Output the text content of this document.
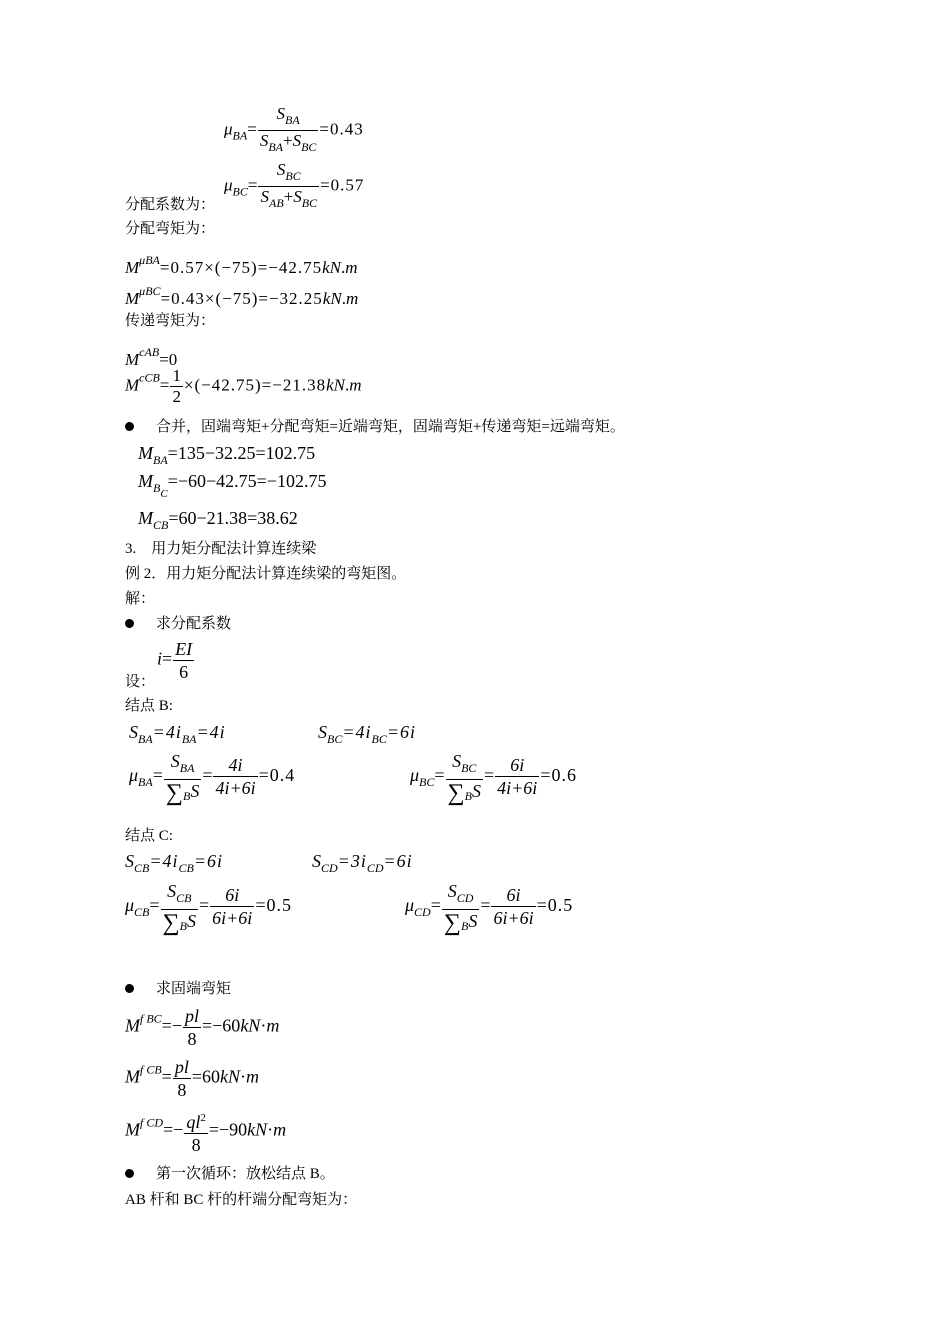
$\mu_{BA}= \frac{S_{BA}}{S_{BA}+S_{BC}} =0.43$
$\mu_{BC}= \frac{S_{BC}}{S_{AB}+S_{BC}} =0.57$
分配系数为：
分配弯矩为：
$M^{\mu BA}=0.57\times(-75)=-42.75kN.m$
$M^{\mu BC}=0.43\times(-75)=-32.25kN.m$
传递弯矩为：
$M^{cAB}=0$
$M^{cCB}= \frac{1}{2} \times(-42.75)=-21.38kN.m$
合并，固端弯矩+分配弯矩=近端弯矩，固端弯矩+传递弯矩=远端弯矩。
$M_{BA}=135-32.25=102.75$
$M_{BC}=-60-42.75=-102.75$
$M_{CB}=60-21.38=38.62$
3.　用力矩分配法计算连续梁
例 2．用力矩分配法计算连续梁的弯矩图。
解：
求分配系数
$i= \frac{EI}{6}$
设：
结点 B:
$S_{BA}=4i_{BA}=4i$	$S_{BC}=4i_{BC}=6i$
$\mu_{BA}= \frac{S_{BA}}{\sum BS} = \frac{4i}{4i+6i} =0.4$	$\mu_{BC}= \frac{S_{BC}}{\sum BS} = \frac{6i}{4i+6i} =0.6$
结点 C:
$S_{CB}=4i_{CB}=6i$	$S_{CD}=3i_{CD}=6i$
$\mu_{CB}= \frac{S_{CB}}{\sum BS} = \frac{6i}{6i+6i} =0.5$	$\mu_{CD}= \frac{S_{CD}}{\sum BS} = \frac{6i}{6i+6i} =0.5$
求固端弯矩
$M^{f BC}=- \frac{pl}{8} =-60kN\cdot m$
$M^{f CB}= \frac{pl}{8} =60kN\cdot m$
$M^{f CD}=- \frac{ql^2}{8} =-90kN\cdot m$
第一次循环：放松结点 B。
AB 杆和 BC 杆的杆端分配弯矩为：
